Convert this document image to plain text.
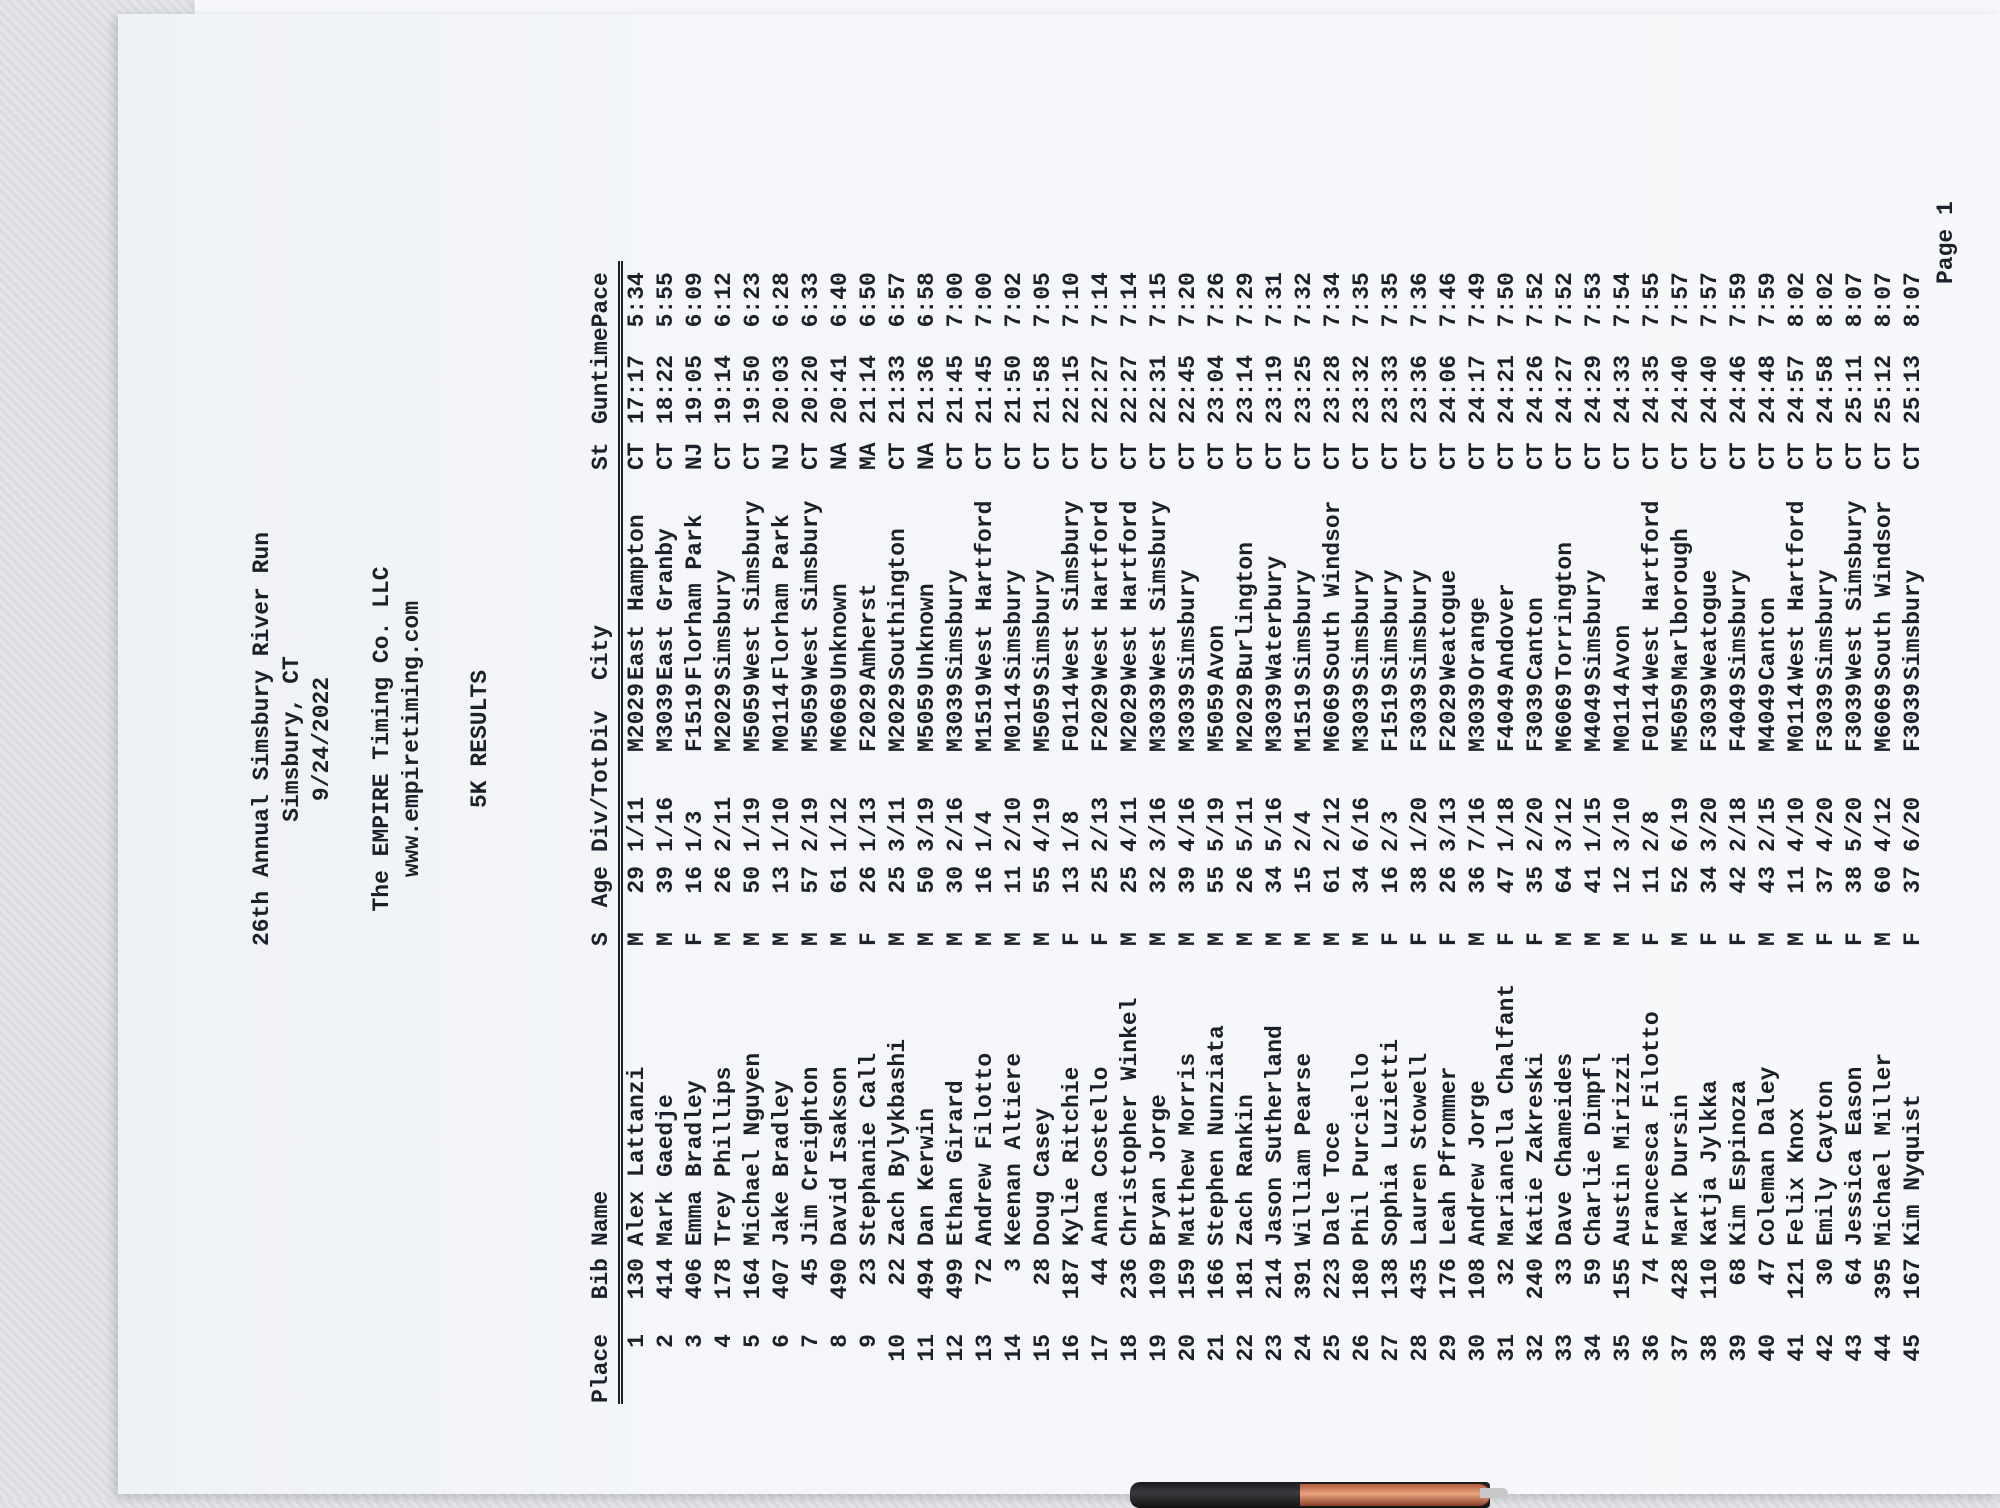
26th Annual Simsbury River Run Simsbury, CT 9/24/2022 The EMPIRE Timing Co. LLC www.empiretiming.com 5K RESULTS
Place	Bib	Name	S	Age	Div/Tot	Div	City	St	Guntime	Pace
1	130	Alex Lattanzi	M	29	1/11	M2029	East Hampton	CT	17:17	5:34
2	414	Mark Gaedje	M	39	1/16	M3039	East Granby	CT	18:22	5:55
3	406	Emma Bradley	F	16	1/3	F1519	Florham Park	NJ	19:05	6:09
4	178	Trey Phillips	M	26	2/11	M2029	Simsbury	CT	19:14	6:12
5	164	Michael Nguyen	M	50	1/19	M5059	West Simsbury	CT	19:50	6:23
6	407	Jake Bradley	M	13	1/10	M0114	Florham Park	NJ	20:03	6:28
7	45	Jim Creighton	M	57	2/19	M5059	West Simsbury	CT	20:20	6:33
8	490	David Isakson	M	61	1/12	M6069	Unknown	NA	20:41	6:40
9	23	Stephanie Call	F	26	1/13	F2029	Amherst	MA	21:14	6:50
10	22	Zach Bylykbashi	M	25	3/11	M2029	Southington	CT	21:33	6:57
11	494	Dan Kerwin	M	50	3/19	M5059	Unknown	NA	21:36	6:58
12	499	Ethan Girard	M	30	2/16	M3039	Simsbury	CT	21:45	7:00
13	72	Andrew Filotto	M	16	1/4	M1519	West Hartford	CT	21:45	7:00
14	3	Keenan Altiere	M	11	2/10	M0114	Simsbury	CT	21:50	7:02
15	28	Doug Casey	M	55	4/19	M5059	Simsbury	CT	21:58	7:05
16	187	Kylie Ritchie	F	13	1/8	F0114	West Simsbury	CT	22:15	7:10
17	44	Anna Costello	F	25	2/13	F2029	West Hartford	CT	22:27	7:14
18	236	Christopher Winkel	M	25	4/11	M2029	West Hartford	CT	22:27	7:14
19	109	Bryan Jorge	M	32	3/16	M3039	West Simsbury	CT	22:31	7:15
20	159	Matthew Morris	M	39	4/16	M3039	Simsbury	CT	22:45	7:20
21	166	Stephen Nunziata	M	55	5/19	M5059	Avon	CT	23:04	7:26
22	181	Zach Rankin	M	26	5/11	M2029	Burlington	CT	23:14	7:29
23	214	Jason Sutherland	M	34	5/16	M3039	Waterbury	CT	23:19	7:31
24	391	William Pearse	M	15	2/4	M1519	Simsbury	CT	23:25	7:32
25	223	Dale Toce	M	61	2/12	M6069	South Windsor	CT	23:28	7:34
26	180	Phil Purciello	M	34	6/16	M3039	Simsbury	CT	23:32	7:35
27	138	Sophia Luzietti	F	16	2/3	F1519	Simsbury	CT	23:33	7:35
28	435	Lauren Stowell	F	38	1/20	F3039	Simsbury	CT	23:36	7:36
29	176	Leah Pfrommer	F	26	3/13	F2029	Weatogue	CT	24:06	7:46
30	108	Andrew Jorge	M	36	7/16	M3039	Orange	CT	24:17	7:49
31	32	Marianella Chalfant	F	47	1/18	F4049	Andover	CT	24:21	7:50
32	240	Katie Zakreski	F	35	2/20	F3039	Canton	CT	24:26	7:52
33	33	Dave Chameides	M	64	3/12	M6069	Torrington	CT	24:27	7:52
34	59	Charlie Dimpfl	M	41	1/15	M4049	Simsbury	CT	24:29	7:53
35	155	Austin Mirizzi	M	12	3/10	M0114	Avon	CT	24:33	7:54
36	74	Francesca Filotto	F	11	2/8	F0114	West Hartford	CT	24:35	7:55
37	428	Mark Dursin	M	52	6/19	M5059	Marlborough	CT	24:40	7:57
38	110	Katja Jylkka	F	34	3/20	F3039	Weatogue	CT	24:40	7:57
39	68	Kim Espinoza	F	42	2/18	F4049	Simsbury	CT	24:46	7:59
40	47	Coleman Daley	M	43	2/15	M4049	Canton	CT	24:48	7:59
41	121	Felix Knox	M	11	4/10	M0114	West Hartford	CT	24:57	8:02
42	30	Emily Cayton	F	37	4/20	F3039	Simsbury	CT	24:58	8:02
43	64	Jessica Eason	F	38	5/20	F3039	West Simsbury	CT	25:11	8:07
44	395	Michael Miller	M	60	4/12	M6069	South Windsor	CT	25:12	8:07
45	167	Kim Nyquist	F	37	6/20	F3039	Simsbury	CT	25:13	8:07
Page 1
